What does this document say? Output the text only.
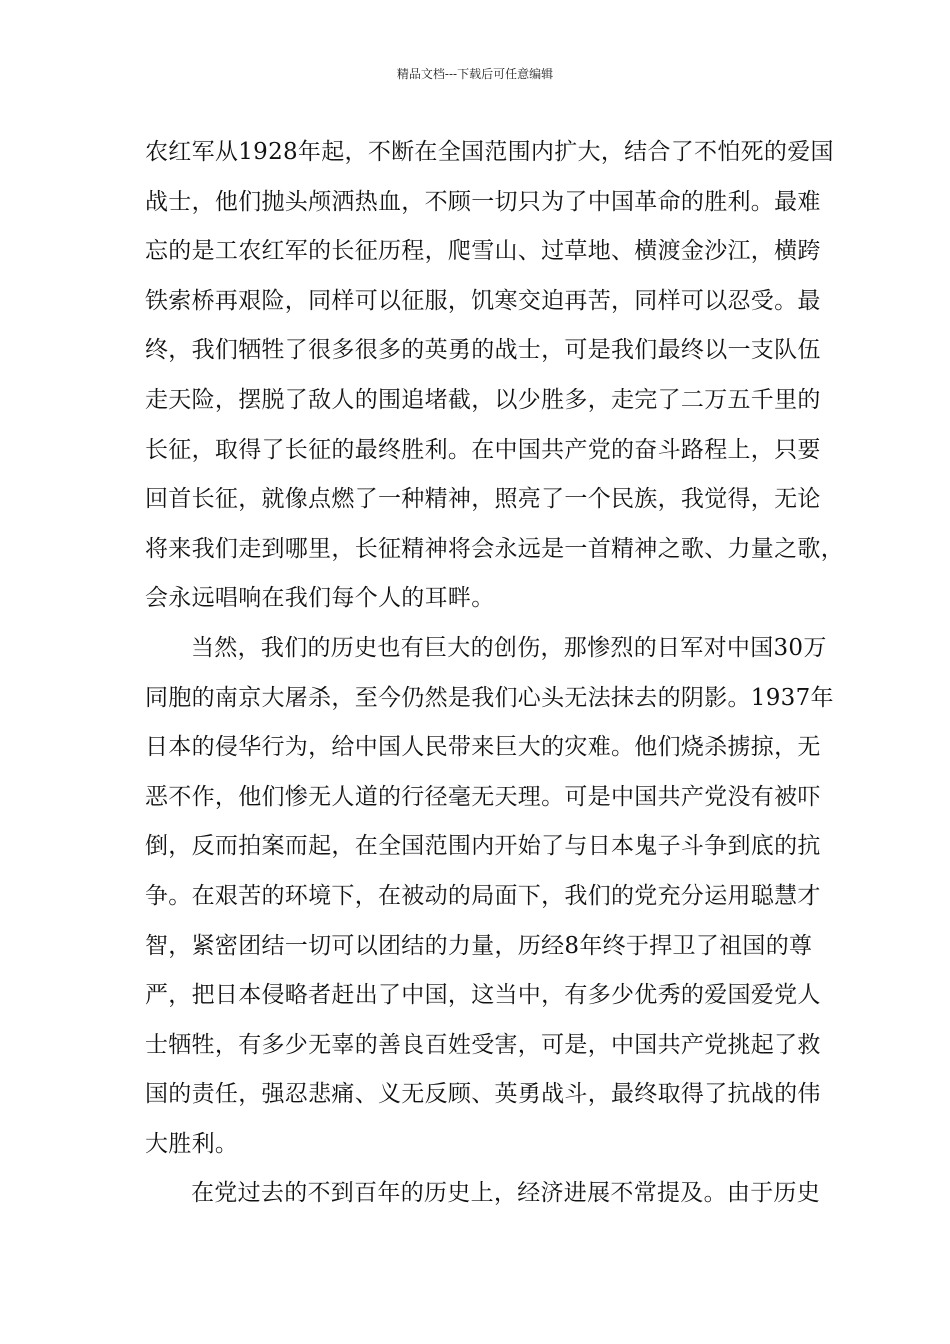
精品文档---下载后可任意编辑
农红军从1928年起，不断在全国范围内扩大，结合了不怕死的爱国
战士，他们抛头颅洒热血，不顾一切只为了中国革命的胜利。最难
忘的是工农红军的长征历程，爬雪山、过草地、横渡金沙江，横跨
铁索桥再艰险，同样可以征服，饥寒交迫再苦，同样可以忍受。最
终，我们牺牲了很多很多的英勇的战士，可是我们最终以一支队伍
走天险，摆脱了敌人的围追堵截，以少胜多，走完了二万五千里的
长征，取得了长征的最终胜利。在中国共产党的奋斗路程上，只要
回首长征，就像点燃了一种精神，照亮了一个民族，我觉得，无论
将来我们走到哪里，长征精神将会永远是一首精神之歌、力量之歌，
会永远唱响在我们每个人的耳畔。
当然，我们的历史也有巨大的创伤，那惨烈的日军对中国30万
同胞的南京大屠杀，至今仍然是我们心头无法抹去的阴影。1937年
日本的侵华行为，给中国人民带来巨大的灾难。他们烧杀掳掠，无
恶不作，他们惨无人道的行径毫无天理。可是中国共产党没有被吓
倒，反而拍案而起，在全国范围内开始了与日本鬼子斗争到底的抗
争。在艰苦的环境下，在被动的局面下，我们的党充分运用聪慧才
智，紧密团结一切可以团结的力量，历经8年终于捍卫了祖国的尊
严，把日本侵略者赶出了中国，这当中，有多少优秀的爱国爱党人
士牺牲，有多少无辜的善良百姓受害，可是，中国共产党挑起了救
国的责任，强忍悲痛、义无反顾、英勇战斗，最终取得了抗战的伟
大胜利。
在党过去的不到百年的历史上，经济进展不常提及。由于历史
